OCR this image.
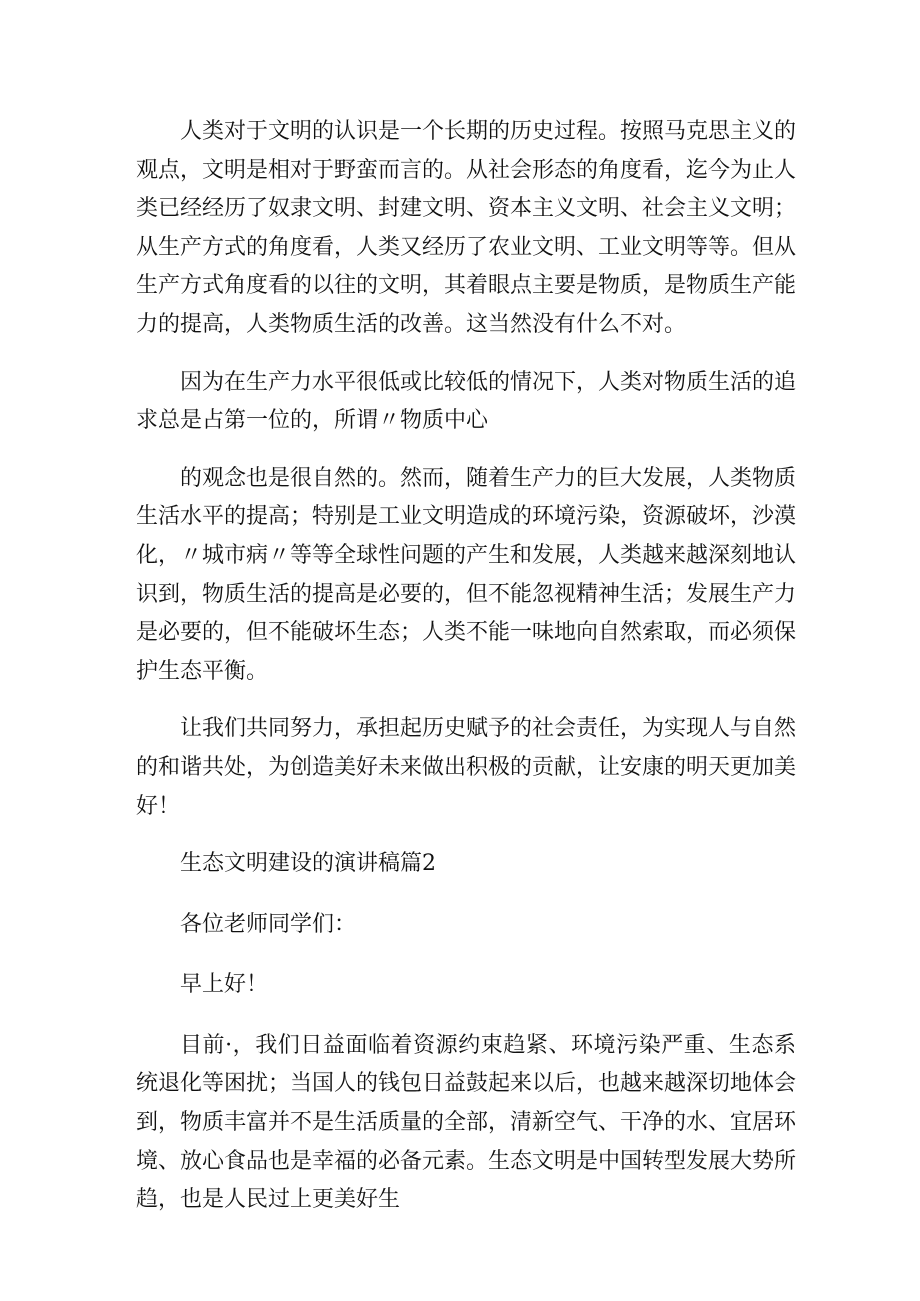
人类对于文明的认识是一个长期的历史过程。按照马克思主义的观点，文明是相对于野蛮而言的。从社会形态的角度看，迄今为止人类已经经历了奴隶文明、封建文明、资本主义文明、社会主义文明；从生产方式的角度看，人类又经历了农业文明、工业文明等等。但从生产方式角度看的以往的文明，其着眼点主要是物质，是物质生产能力的提高，人类物质生活的改善。这当然没有什么不对。

因为在生产力水平很低或比较低的情况下，人类对物质生活的追求总是占第一位的，所谓〃物质中心

的观念也是很自然的。然而，随着生产力的巨大发展，人类物质生活水平的提高；特别是工业文明造成的环境污染，资源破坏，沙漠化，〃城市病〃等等全球性问题的产生和发展，人类越来越深刻地认识到，物质生活的提高是必要的，但不能忽视精神生活；发展生产力是必要的，但不能破坏生态；人类不能一味地向自然索取，而必须保护生态平衡。

让我们共同努力，承担起历史赋予的社会责任，为实现人与自然的和谐共处，为创造美好未来做出积极的贡献，让安康的明天更加美好！

生态文明建设的演讲稿篇2

各位老师同学们：

早上好！

目前·，我们日益面临着资源约束趋紧、环境污染严重、生态系统退化等困扰；当国人的钱包日益鼓起来以后，也越来越深切地体会到，物质丰富并不是生活质量的全部，清新空气、干净的水、宜居环境、放心食品也是幸福的必备元素。生态文明是中国转型发展大势所趋，也是人民过上更美好生
